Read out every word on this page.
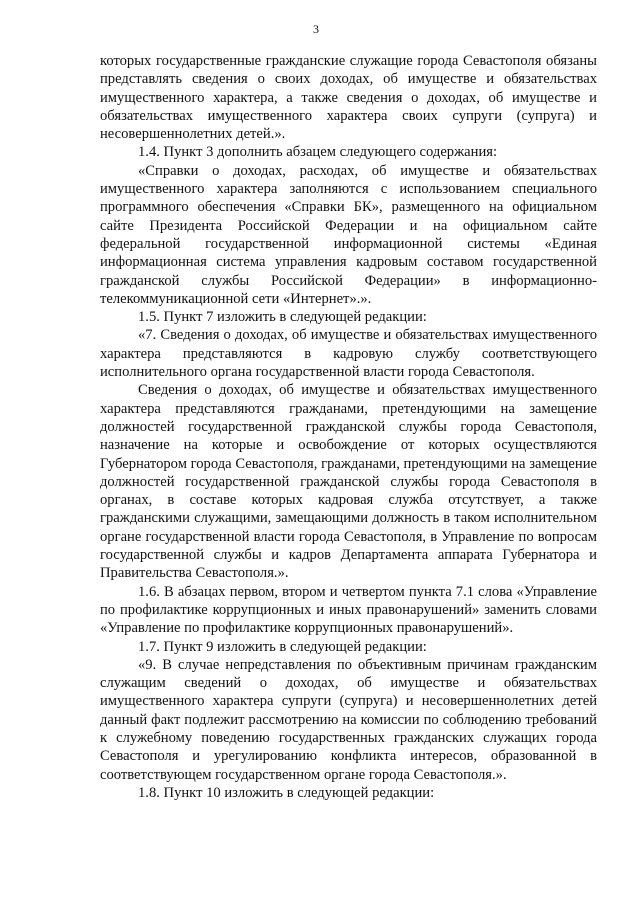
3

которых государственные гражданские служащие города Севастополя обязаны представлять сведения о своих доходах, об имуществе и обязательствах имущественного характера, а также сведения о доходах, об имуществе и обязательствах имущественного характера своих супруги (супруга) и несовершеннолетних детей.».

1.4. Пункт 3 дополнить абзацем следующего содержания:

«Справки о доходах, расходах, об имуществе и обязательствах имущественного характера заполняются с использованием специального программного обеспечения «Справки БК», размещенного на официальном сайте Президента Российской Федерации и на официальном сайте федеральной государственной информационной системы «Единая информационная система управления кадровым составом государственной гражданской службы Российской Федерации» в информационно-телекоммуникационной сети «Интернет».».

1.5. Пункт 7 изложить в следующей редакции:

«7. Сведения о доходах, об имуществе и обязательствах имущественного характера представляются в кадровую службу соответствующего исполнительного органа государственной власти города Севастополя.

Сведения о доходах, об имуществе и обязательствах имущественного характера представляются гражданами, претендующими на замещение должностей государственной гражданской службы города Севастополя, назначение на которые и освобождение от которых осуществляются Губернатором города Севастополя, гражданами, претендующими на замещение должностей государственной гражданской службы города Севастополя в органах, в составе которых кадровая служба отсутствует, а также гражданскими служащими, замещающими должность в таком исполнительном органе государственной власти города Севастополя, в Управление по вопросам государственной службы и кадров Департамента аппарата Губернатора и Правительства Севастополя.».

1.6. В абзацах первом, втором и четвертом пункта 7.1 слова «Управление по профилактике коррупционных и иных правонарушений» заменить словами «Управление по профилактике коррупционных правонарушений».

1.7. Пункт 9 изложить в следующей редакции:

«9. В случае непредставления по объективным причинам гражданским служащим сведений о доходах, об имуществе и обязательствах имущественного характера супруги (супруга) и несовершеннолетних детей данный факт подлежит рассмотрению на комиссии по соблюдению требований к служебному поведению государственных гражданских служащих города Севастополя и урегулированию конфликта интересов, образованной в соответствующем государственном органе города Севастополя.».

1.8. Пункт 10 изложить в следующей редакции:
